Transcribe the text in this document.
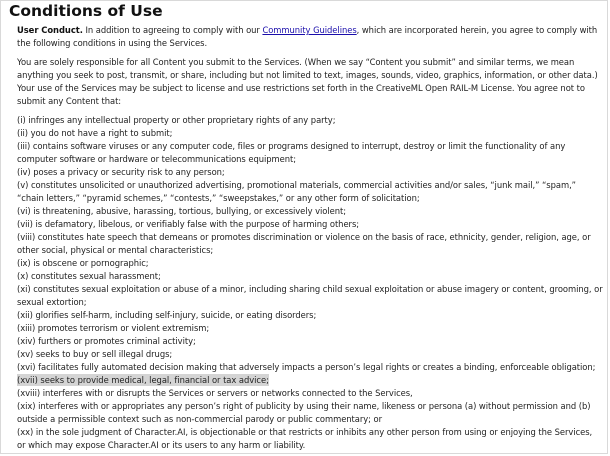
Conditions of Use

User Conduct. In addition to agreeing to comply with our Community Guidelines, which are incorporated herein, you agree to comply with the following conditions in using the Services.

You are solely responsible for all Content you submit to the Services. (When we say “Content you submit” and similar terms, we mean anything you seek to post, transmit, or share, including but not limited to text, images, sounds, video, graphics, information, or other data.) Your use of the Services may be subject to license and use restrictions set forth in the CreativeML Open RAIL-M License. You agree not to submit any Content that:

(i) infringes any intellectual property or other proprietary rights of any party;
(ii) you do not have a right to submit;
(iii) contains software viruses or any computer code, files or programs designed to interrupt, destroy or limit the functionality of any computer software or hardware or telecommunications equipment;
(iv) poses a privacy or security risk to any person;
(v) constitutes unsolicited or unauthorized advertising, promotional materials, commercial activities and/or sales, “junk mail,” “spam,” “chain letters,” “pyramid schemes,” “contests,” “sweepstakes,” or any other form of solicitation;
(vi) is threatening, abusive, harassing, tortious, bullying, or excessively violent;
(vii) is defamatory, libelous, or verifiably false with the purpose of harming others;
(viii) constitutes hate speech that demeans or promotes discrimination or violence on the basis of race, ethnicity, gender, religion, age, or other social, physical or mental characteristics;
(ix) is obscene or pornographic;
(x) constitutes sexual harassment;
(xi) constitutes sexual exploitation or abuse of a minor, including sharing child sexual exploitation or abuse imagery or content, grooming, or sexual extortion;
(xii) glorifies self-harm, including self-injury, suicide, or eating disorders;
(xiii) promotes terrorism or violent extremism;
(xiv) furthers or promotes criminal activity;
(xv) seeks to buy or sell illegal drugs;
(xvi) facilitates fully automated decision making that adversely impacts a person’s legal rights or creates a binding, enforceable obligation;
(xvii) seeks to provide medical, legal, financial or tax advice;
(xviii) interferes with or disrupts the Services or servers or networks connected to the Services,
(xix) interferes with or appropriates any person’s right of publicity by using their name, likeness or persona (a) without permission and (b) outside a permissible context such as non-commercial parody or public commentary; or
(xx) in the sole judgment of Character.AI, is objectionable or that restricts or inhibits any other person from using or enjoying the Services, or which may expose Character.AI or its users to any harm or liability.
